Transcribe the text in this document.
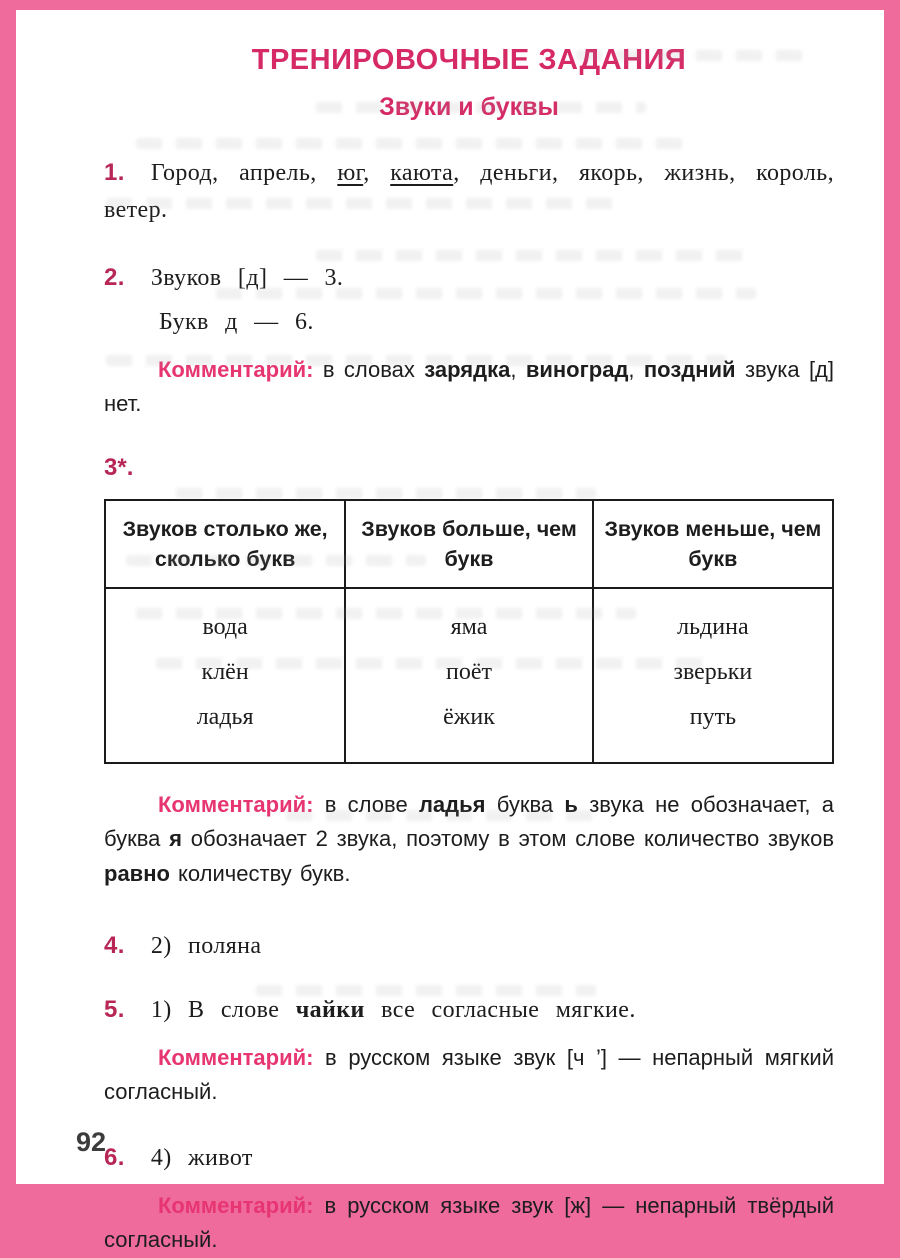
ТРЕНИРОВОЧНЫЕ ЗАДАНИЯ
Звуки и буквы

1. Город, апрель, юг, каюта, деньги, якорь, жизнь, король, ветер.

2. Звуков [д] — 3.

Букв д — 6.

Комментарий: в словах зарядка, виноград, поздний звука [д] нет.

3*.

Звуков столько же, сколько букв	Звуков больше, чем букв	Звуков меньше, чем букв

вода
клён
ладья

яма
поёт
ёжик

льдина
зверьки
путь

Комментарий: в слове ладья буква ь звука не обозначает, а буква я обозначает 2 звука, поэтому в этом слове количество звуков равно количеству букв.

4. 2) поляна

5. 1) В слове чайки все согласные мягкие.

Комментарий: в русском языке звук [ч ’] — непарный мягкий согласный.

6. 4) живот

Комментарий: в русском языке звук [ж] — непарный твёрдый согласный.

92
